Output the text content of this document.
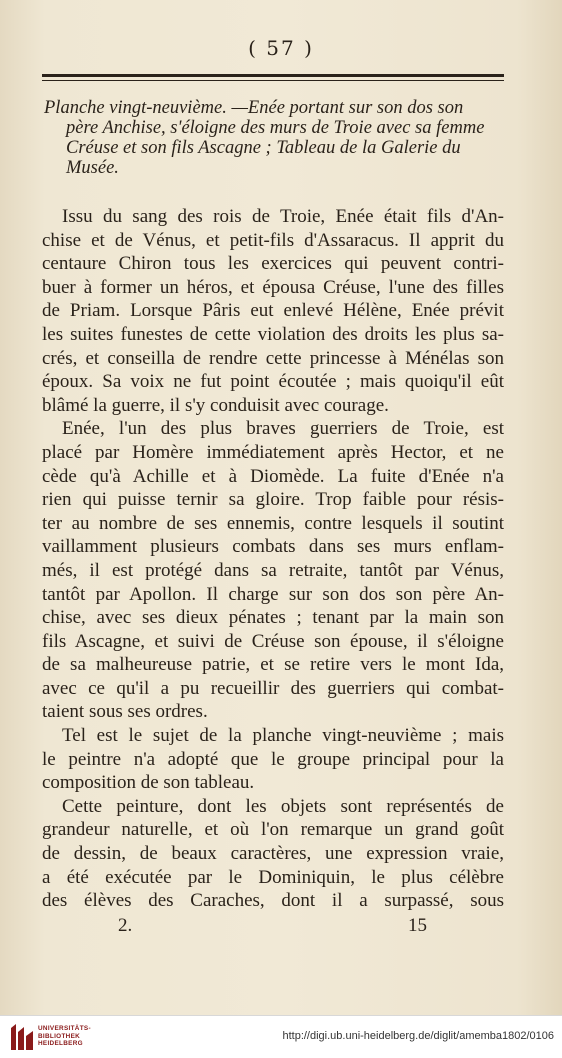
( 57 )
Planche vingt-neuvième. —Enée portant sur son dos son
père Anchise, s'éloigne des murs de Troie avec sa femme
Créuse et son fils Ascagne ; Tableau de la Galerie du
Musée.
Issu du sang des rois de Troie, Enée était fils d'An-
chise et de Vénus, et petit-fils d'Assaracus. Il apprit du
centaure Chiron tous les exercices qui peuvent contri-
buer à former un héros, et épousa Créuse, l'une des filles
de Priam. Lorsque Pâris eut enlevé Hélène, Enée prévit
les suites funestes de cette violation des droits les plus sa-
crés, et conseilla de rendre cette princesse à Ménélas son
époux. Sa voix ne fut point écoutée ; mais quoiqu'il eût
blâmé la guerre, il s'y conduisit avec courage.
Enée, l'un des plus braves guerriers de Troie, est
placé par Homère immédiatement après Hector, et ne
cède qu'à Achille et à Diomède. La fuite d'Enée n'a
rien qui puisse ternir sa gloire. Trop faible pour résis-
ter au nombre de ses ennemis, contre lesquels il soutint
vaillamment plusieurs combats dans ses murs enflam-
més, il est protégé dans sa retraite, tantôt par Vénus,
tantôt par Apollon. Il charge sur son dos son père An-
chise, avec ses dieux pénates ; tenant par la main son
fils Ascagne, et suivi de Créuse son épouse, il s'éloigne
de sa malheureuse patrie, et se retire vers le mont Ida,
avec ce qu'il a pu recueillir des guerriers qui combat-
taient sous ses ordres.
Tel est le sujet de la planche vingt-neuvième ; mais
le peintre n'a adopté que le groupe principal pour la
composition de son tableau.
Cette peinture, dont les objets sont représentés de
grandeur naturelle, et où l'on remarque un grand goût
de dessin, de beaux caractères, une expression vraie,
a été exécutée par le Dominiquin, le plus célèbre
des élèves des Caraches, dont il a surpassé, sous
2.	15
UNIVERSITÄTS-
BIBLIOTHEK
HEIDELBERG
http://digi.ub.uni-heidelberg.de/diglit/amemba1802/0106
